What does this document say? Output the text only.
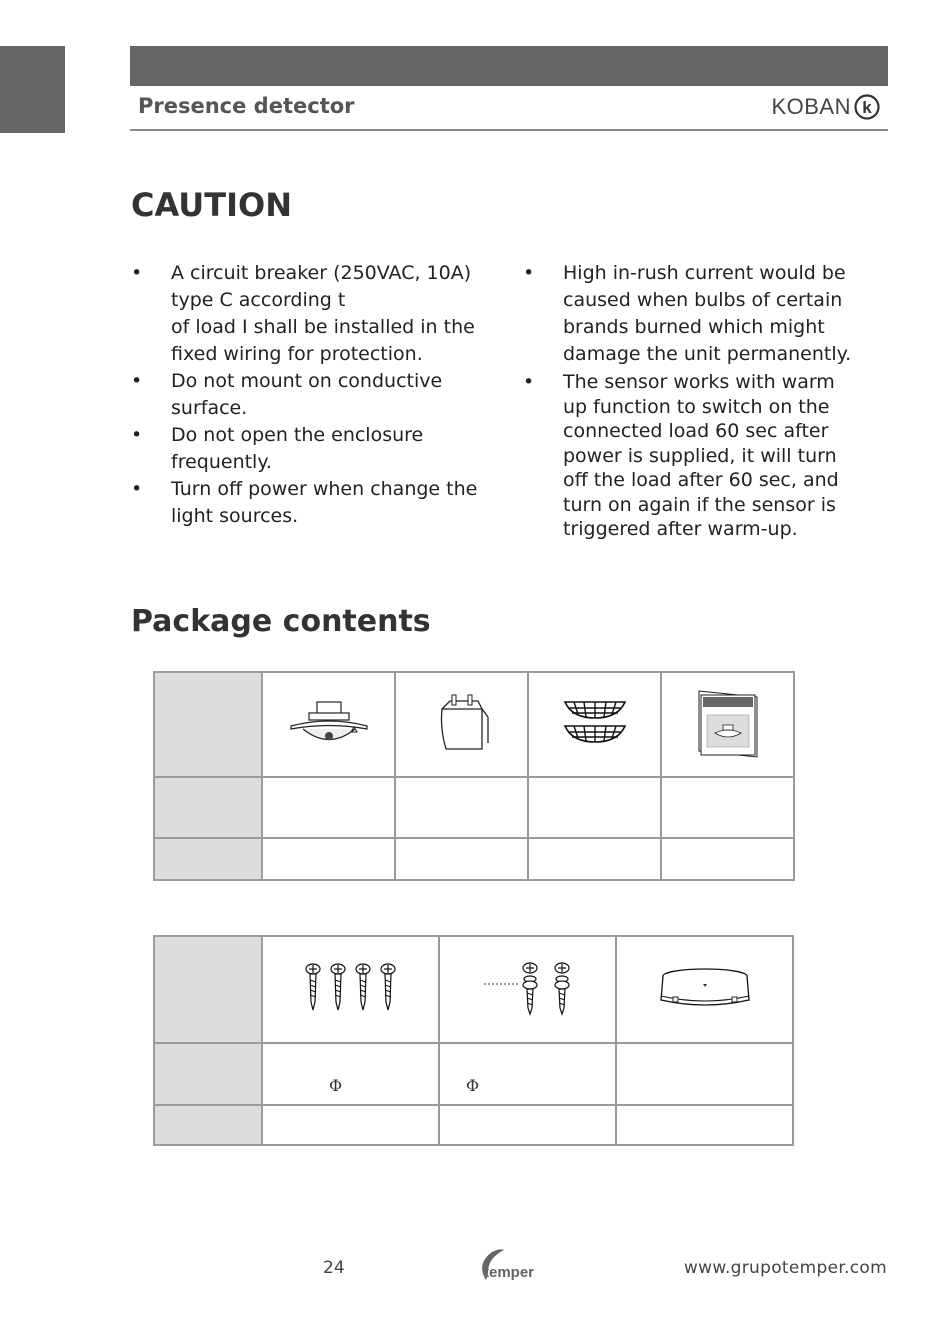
Presence detector	KOBAN k
CAUTION
• A circuit breaker (250VAC, 10A)
type C according t
of load I shall be installed in the
fixed wiring for protection.
• Do not mount on conductive
surface.
• Do not open the enclosure
frequently.
• Turn off power when change the
light sources.
• High in-rush current would be
caused when bulbs of certain
brands burned which might
damage the unit permanently.
• The sensor works with warm
up function to switch on the
connected load 60 sec after
power is supplied, it will turn
off the load after 60 sec, and
turn on again if the sensor is
triggered after warm-up.
Package contents

	Φ	Φ	

24	temper	www.grupotemper.com
